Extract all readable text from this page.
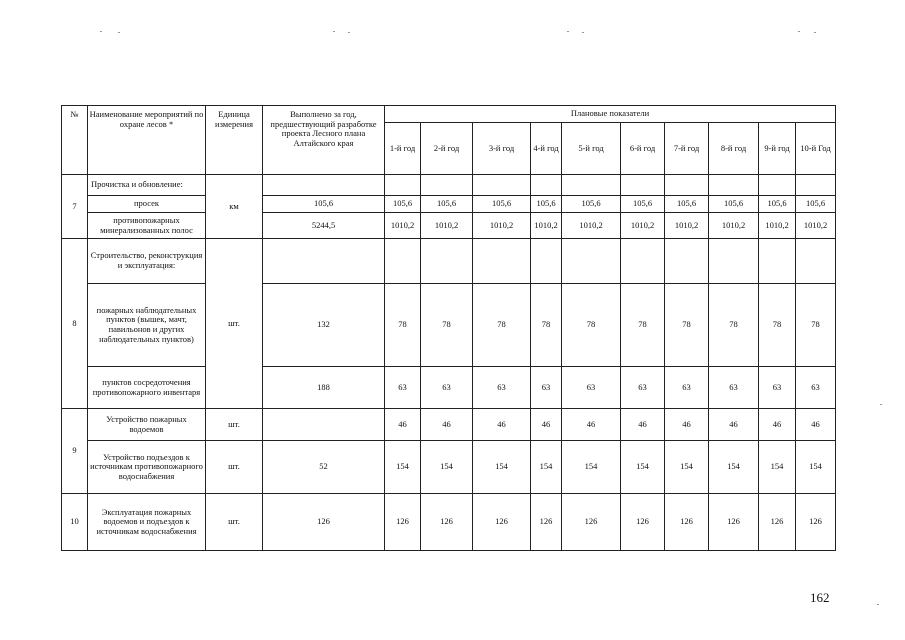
№	Наименование мероприятий по охране лесов *	Единица измерения	Выполнено за год, предшествующий разработке проекта Лесного плана Алтайского края	Плановые показатели									
				1-й год	2-й год	3-й год	4-й год	5-й год	6-й год	7-й год	8-й год	9-й год	10-й Год
7	Прочистка и обновление:	км											
	просек		105,6	105,6	105,6	105,6	105,6	105,6	105,6	105,6	105,6	105,6	105,6
	противопожарных минерализованных полос		5244,5	1010,2	1010,2	1010,2	1010,2	1010,2	1010,2	1010,2	1010,2	1010,2	1010,2
8	Строительство, реконструкция и эксплуатация:	шт.											
	пожарных наблюдательных пунктов (вышек, мачт, павильонов и других наблюдательных пунктов)		132	78	78	78	78	78	78	78	78	78	78
	пунктов сосредоточения противопожарного инвентаря		188	63	63	63	63	63	63	63	63	63	63
9	Устройство пожарных водоемов	шт.		46	46	46	46	46	46	46	46	46	46
	Устройство подъездов к источникам противопожарного водоснабжения	шт.	52	154	154	154	154	154	154	154	154	154	154
10	Эксплуатация пожарных водоемов и подъездов к источникам водоснабжения	шт.	126	126	126	126	126	126	126	126	126	126	126
162
